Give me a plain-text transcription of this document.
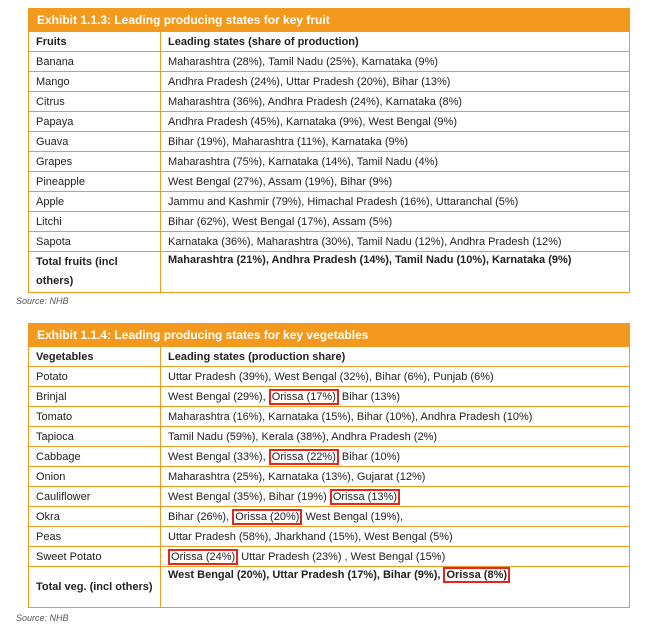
Exhibit 1.1.3: Leading producing states for key fruit
Fruits	Leading states (share of production)
Banana	Maharashtra (28%), Tamil Nadu (25%), Karnataka (9%)
Mango	Andhra Pradesh (24%), Uttar Pradesh (20%), Bihar (13%)
Citrus	Maharashtra (36%), Andhra Pradesh (24%), Karnataka (8%)
Papaya	Andhra Pradesh (45%), Karnataka (9%), West Bengal (9%)
Guava	Bihar (19%), Maharashtra (11%), Karnataka (9%)
Grapes	Maharashtra (75%), Karnataka (14%), Tamil Nadu (4%)
Pineapple	West Bengal (27%), Assam (19%), Bihar (9%)
Apple	Jammu and Kashmir (79%), Himachal Pradesh (16%), Uttaranchal (5%)
Litchi	Bihar (62%), West Bengal (17%), Assam (5%)
Sapota	Karnataka (36%), Maharashtra (30%), Tamil Nadu (12%), Andhra Pradesh (12%)
Total fruits (incl others)	Maharashtra (21%), Andhra Pradesh (14%), Tamil Nadu (10%), Karnataka (9%)
Source: NHB
Exhibit 1.1.4: Leading producing states for key vegetables
Vegetables	Leading states (production share)
Potato	Uttar Pradesh (39%), West Bengal (32%), Bihar (6%), Punjab (6%)
Brinjal	West Bengal (29%), Orissa (17%) Bihar (13%)
Tomato	Maharashtra (16%), Karnataka (15%), Bihar (10%), Andhra Pradesh (10%)
Tapioca	Tamil Nadu (59%), Kerala (38%), Andhra Pradesh (2%)
Cabbage	West Bengal (33%), Orissa (22%) Bihar (10%)
Onion	Maharashtra (25%), Karnataka (13%), Gujarat (12%)
Cauliflower	West Bengal (35%), Bihar (19%) Orissa (13%)
Okra	Bihar (26%), Orissa (20%) West Bengal (19%),
Peas	Uttar Pradesh (58%), Jharkhand (15%), West Bengal (5%)
Sweet Potato	Orissa (24%) Uttar Pradesh (23%) , West Bengal (15%)
Total veg. (incl others)	West Bengal (20%), Uttar Pradesh (17%), Bihar (9%), Orissa (8%)
Source: NHB
